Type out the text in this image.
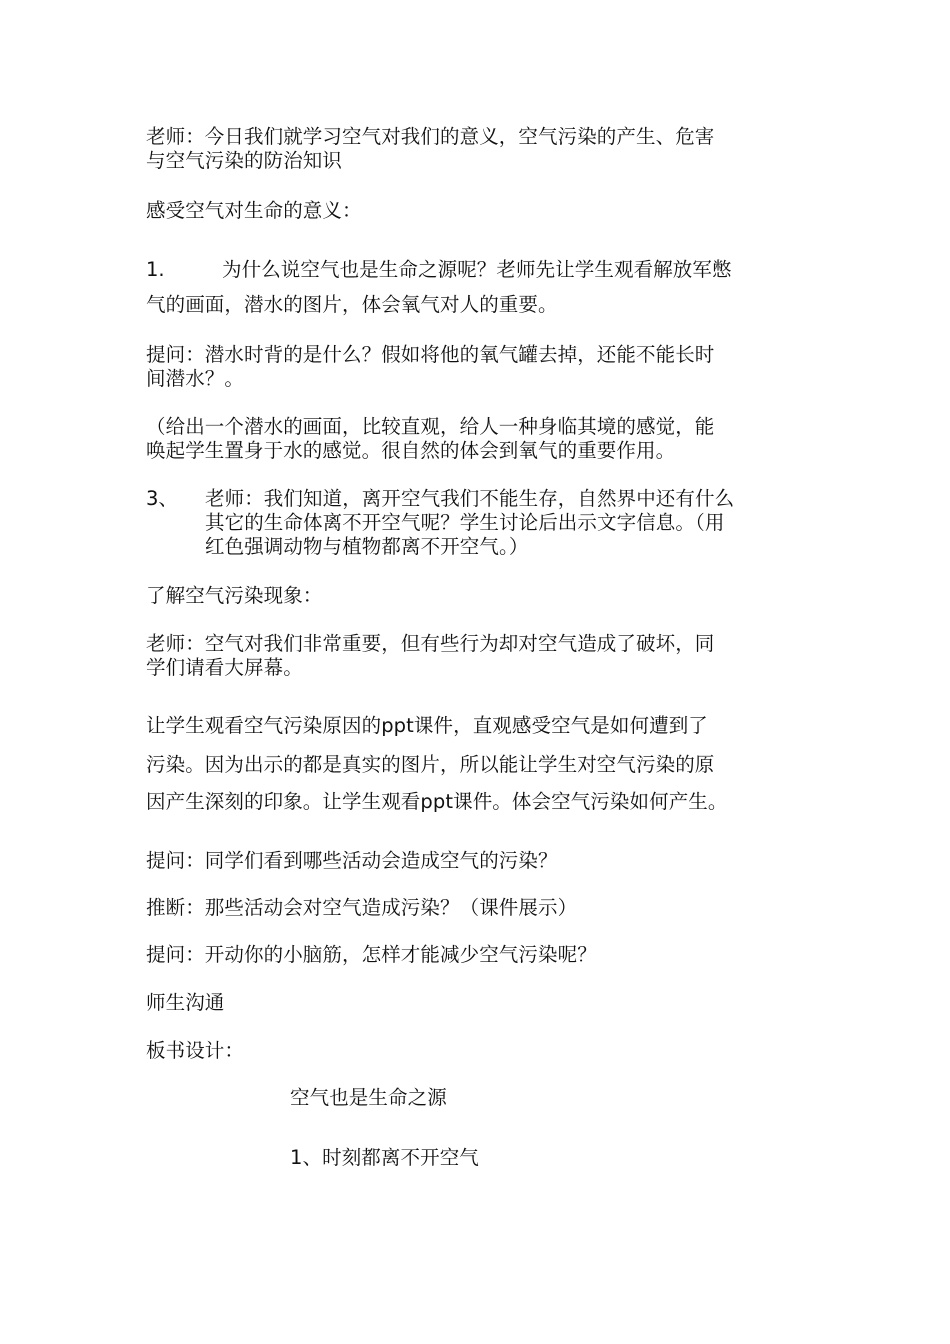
老师：今日我们就学习空气对我们的意义，空气污染的产生、危害
与空气污染的防治知识
感受空气对生命的意义：
1.	为什么说空气也是生命之源呢？老师先让学生观看解放军憋
气的画面，潜水的图片，体会氧气对人的重要。
提问：潜水时背的是什么？假如将他的氧气罐去掉，还能不能长时
间潜水？。
（给出一个潜水的画面，比较直观，给人一种身临其境的感觉，能
唤起学生置身于水的感觉。很自然的体会到氧气的重要作用。
3、 老师：我们知道，离开空气我们不能生存，自然界中还有什么
其它的生命体离不开空气呢？学生讨论后出示文字信息。（用
红色强调动物与植物都离不开空气。）
了解空气污染现象：
老师：空气对我们非常重要，但有些行为却对空气造成了破坏，同
学们请看大屏幕。
让学生观看空气污染原因的ppt课件，直观感受空气是如何遭到了
污染。因为出示的都是真实的图片，所以能让学生对空气污染的原
因产生深刻的印象。让学生观看ppt课件。体会空气污染如何产生。
提问：同学们看到哪些活动会造成空气的污染？
推断：那些活动会对空气造成污染？（课件展示）
提问：开动你的小脑筋，怎样才能减少空气污染呢？
师生沟通
板书设计：
空气也是生命之源
1、时刻都离不开空气
